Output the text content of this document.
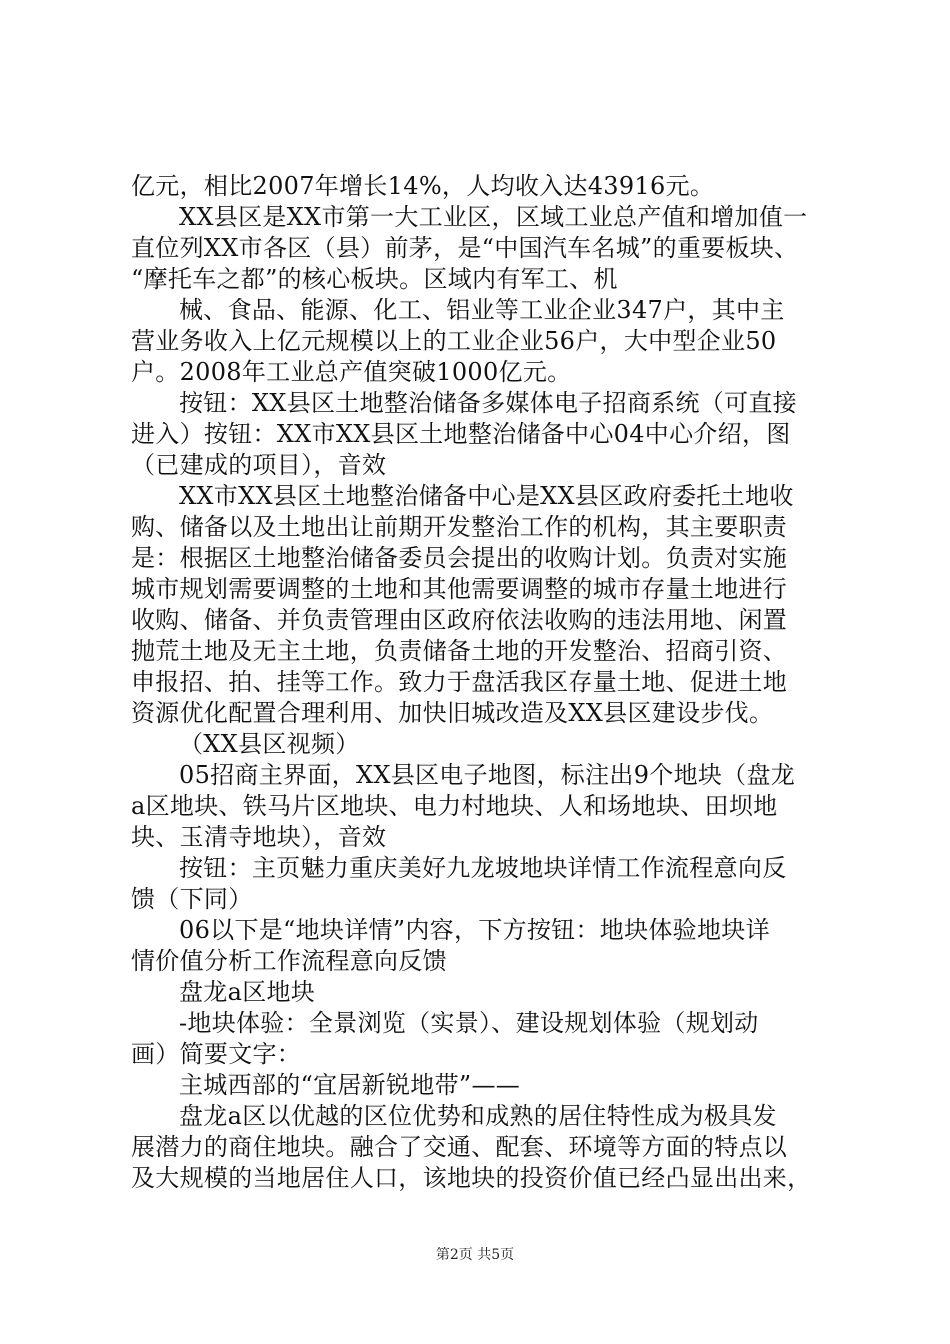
亿元，相比2007年增长14%，人均收入达43916元。
XX县区是XX市第一大工业区，区域工业总产值和增加值一
直位列XX市各区（县）前茅，是“中国汽车名城”的重要板块、
“摩托车之都”的核心板块。区域内有军工、机
械、食品、能源、化工、铝业等工业企业347户，其中主
营业务收入上亿元规模以上的工业企业56户，大中型企业50
户。2008年工业总产值突破1000亿元。
按钮：XX县区土地整治储备多媒体电子招商系统（可直接
进入）按钮：XX市XX县区土地整治储备中心04中心介绍，图
（已建成的项目），音效
XX市XX县区土地整治储备中心是XX县区政府委托土地收
购、储备以及土地出让前期开发整治工作的机构，其主要职责
是：根据区土地整治储备委员会提出的收购计划。负责对实施
城市规划需要调整的土地和其他需要调整的城市存量土地进行
收购、储备、并负责管理由区政府依法收购的违法用地、闲置
抛荒土地及无主土地，负责储备土地的开发整治、招商引资、
申报招、拍、挂等工作。致力于盘活我区存量土地、促进土地
资源优化配置合理利用、加快旧城改造及XX县区建设步伐。
（XX县区视频）
05招商主界面，XX县区电子地图，标注出9个地块（盘龙
a区地块、铁马片区地块、电力村地块、人和场地块、田坝地
块、玉清寺地块），音效
按钮：主页魅力重庆美好九龙坡地块详情工作流程意向反
馈（下同）
06以下是“地块详情”内容，下方按钮：地块体验地块详
情价值分析工作流程意向反馈
盘龙a区地块
-地块体验：全景浏览（实景）、建设规划体验（规划动
画）简要文字：
主城西部的“宜居新锐地带”——
盘龙a区以优越的区位优势和成熟的居住特性成为极具发
展潜力的商住地块。融合了交通、配套、环境等方面的特点以
及大规模的当地居住人口，该地块的投资价值已经凸显出出来，
第2页 共5页
